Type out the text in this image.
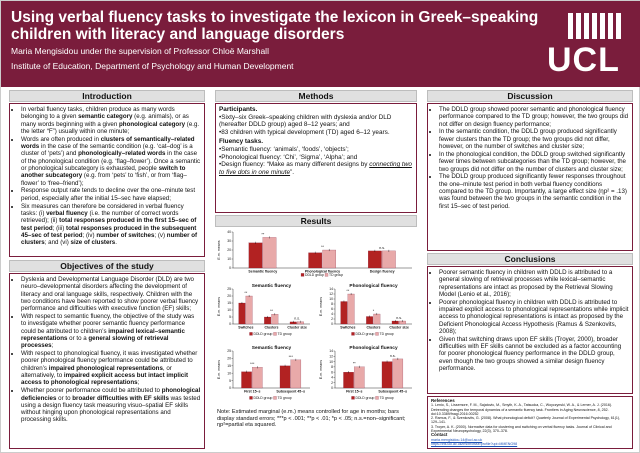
Using verbal fluency tasks to investigate the lexicon in Greek–speaking children with literacy and language disorders
Maria Mengisidou under the supervision of Professor Chloë Marshall
Institute of Education, Department of Psychology and Human Development	UCL
Introduction
• In verbal fluency tasks, children produce as many words belonging to a given semantic category (e.g. animals), or as many words beginning with a given phonological category (e.g. the letter “F”) usually within one minute;
• Words are often produced in clusters of semantically–related words in the case of the semantic condition (e.g. ‘cat–dog’ is a cluster of ‘pets’) and phonologically–related words in the case of the phonological condition (e.g. ‘flag–flower’). Once a semantic or phonological subcategory is exhausted, people switch to another subcategory (e.g. from ‘pets’ to ‘fish’, or from ‘flag–flower’ to ‘free–friend’);
• Response output rate tends to decline over the one–minute test period, especially after the initial 15–sec have elapsed;
• Six measures can therefore be considered in verbal fluency tasks: (i) verbal fluency (i.e. the number of correct words retrieved); (ii) total responses produced in the first 15–sec of test period; (iii) total responses produced in the subsequent 45–sec of test period; (iv) number of switches; (v) number of clusters; and (vi) size of clusters.
Objectives of the study
• Dyslexia and Developmental Language Disorder (DLD) are two neuro–developmental disorders affecting the development of literacy and oral language skills, respectively. Children with the two conditions have been reported to show poorer verbal fluency performance and difficulties with executive function (EF) skills;
• With respect to semantic fluency, the objective of the study was to investigate whether poorer semantic fluency performance could be attributed to children’s impaired lexical–semantic representations or to a general slowing of retrieval processes;
• With respect to phonological fluency, it was investigated whether poorer phonological fluency performance could be attributed to children’s impaired phonological representations, or alternatively, to impaired explicit access but intact implicit access to phonological representations;
• Whether poorer performance could be attributed to phonological deficiencies or to broader difficulties with EF skills was tested using a design fluency task measuring visuo–spatial EF skills without hinging upon phonological representations and processing skills.
Methods
Participants.
•Sixty–six Greek–speaking children with dyslexia and/or DLD (hereafter DDLD group) aged 8–12 years; and
•83 children with typical development (TD) aged 6–12 years.
Fluency tasks.
•Semantic fluency: ‘animals’, ‘foods’, ‘objects’;
•Phonological fluency: ‘Chi’, ‘Sigma’, ‘Alpha’; and
•Design fluency: “Make as many different designs by connecting two to five dots in one minute”.
Results
E.m. means
0
10
20
30
40
**
Semantic fluency
**
Phonological fluency
n.s.
Design fluency
DDLD group TD group
Semantic fluency
E.m. means
0
5
10
15
20
25
**
Switches
**
Clusters
n.s.
Cluster size
DDLD group TD group
Phonological fluency
E.m. means
0
2
4
6
8
10
12
14	**
Switches
*
Clusters
n.s.
Cluster size
DDLD group TD group
Semantic fluency
E.m. means
0
5
10
15
20
25
***
First 15–s
***
Subsequent 45–s
DDLD group TD group
Phonological fluency
E.m. means
0
2
4
6
8
10
12
14
**
First 15–s
n.s.
Subsequent 45–s
DDLD group TD group
Note: Estimated marginal (e.m.) means controlled for age in months; bars display standard errors; ***p < .001; **p < .01; *p < .05; n.s.=non–significant; ηp²=partial eta squared.
Discussion
• The DDLD group showed poorer semantic and phonological fluency performance compared to the TD group; however, the two groups did not differ on design fluency performance;
• In the semantic condition, the DDLD group produced significantly fewer clusters than the TD group; the two groups did not differ, however, on the number of switches and cluster size;
• In the phonological condition, the DDLD group switched significantly fewer times between subcategories than the TD group; however, the two groups did not differ on the number of clusters and cluster size;
• The DDLD group produced significantly fewer responses throughout the one–minute test period in both verbal fluency conditions compared to the TD group. Importantly, a large effect size (ηp² = .13) was found between the two groups in the semantic condition in the first 15–sec of test period.
Conclusions
• Poorer semantic fluency in children with DDLD is attributed to a general slowing of retrieval processes while lexical–semantic representations are intact as proposed by the Retrieval Slowing Model (Lenio et al., 2016);
• Poorer phonological fluency in children with DDLD is attributed to impaired explicit access to phonological representations while implicit access to phonological representations is intact as proposed by the Deficient Phonological Access Hypothesis (Ramus & Szenkovits, 2008);
• Given that switching draws upon EF skills (Troyer, 2000), broader difficulties with EF skills cannot be excluded as a factor accounting for poorer phonological fluency performance in the DDLD group, even though the two groups showed a similar design fluency performance.
References
1. Lenio, S., Lissemore, F. M., Sajatovic, M., Smyth, K. A., Tatsuoka, C., Woyczynski, W. A., & Lerner, A. J. (2016). Detrending changes the temporal dynamics of a semantic fluency task. Frontiers in Aging Neuroscience, 8, 252. doi:10.3389/fnagi.2016.00252
2. Ramus, F., & Szenkovits, G. (2008). What phonological deficit? Quarterly Journal of Experimental Psychology, 61(1), 129–141.
3. Troyer, A. K. (2000). Normative data for clustering and switching on verbal fluency tasks. Journal of Clinical and Experimental Neuropsychology, 22(3), 370–378.
Contact
maria.mengisidou.14@ucl.ac.uk
https://iris.ucl.ac.uk/iris/browse/profile?upi=MMENG98
